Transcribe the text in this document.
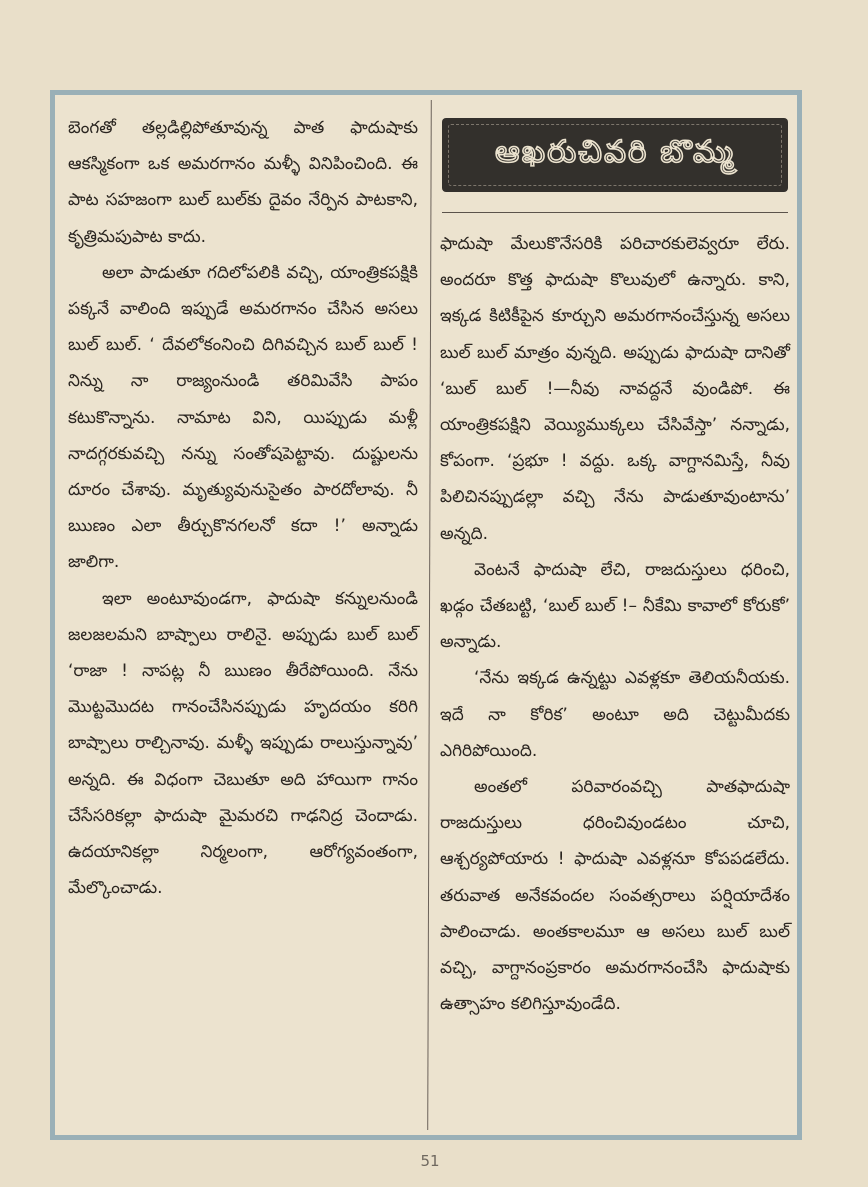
బెంగతో తల్లడిల్లిపోతూవున్న పాత ఫాదుషాకు ఆకస్మికంగా ఒక అమరగానం మళ్ళీ వినిపించింది. ఈ పాట సహజంగా బుల్ బుల్‌కు దైవం నేర్పిన పాటకాని, కృత్రిమపుపాట కాదు.

అలా పాడుతూ గదిలోపలికి వచ్చి, యాంత్రికపక్షికి పక్కనే వాలింది ఇప్పుడే అమరగానం చేసిన అసలు బుల్ బుల్. ‘ దేవలోకంనించి దిగివచ్చిన బుల్ బుల్ ! నిన్ను నా రాజ్యంనుండి తరిమివేసి పాపం కటుకొన్నాను. నామాట విని, యిప్పుడు మళ్లీ నాదగ్గరకువచ్చి నన్ను సంతోషపెట్టావు. దుష్టులను దూరం చేశావు. మృత్యువునుసైతం పారదోలావు. నీ ఋణం ఎలా తీర్చుకొనగలనో కదా !’ అన్నాడు జాలిగా.

ఇలా అంటూవుండగా, ఫాదుషా కన్నులనుండి జలజలమని బాష్పాలు రాలినై. అప్పుడు బుల్ బుల్ ‘రాజా ! నాపట్ల నీ ఋణం తీరేపోయింది. నేను మొట్టమొదట గానంచేసినప్పుడు హృదయం కరిగి బాష్పాలు రాల్చినావు. మళ్ళీ ఇప్పుడు రాలుస్తున్నావు’ అన్నది. ఈ విధంగా చెబుతూ అది హాయిగా గానం చేసేసరికల్లా ఫాదుషా మైమరచి గాఢనిద్ర చెందాడు. ఉదయానికల్లా నిర్మలంగా, ఆరోగ్యవంతంగా, మేల్కొంచాడు.

ఆఖరుచివరి బొమ్మ

ఫాదుషా మేలుకొనేసరికి పరిచారకులెవ్వరూ లేరు. అందరూ కొత్త ఫాదుషా కొలువులో ఉన్నారు. కాని, ఇక్కడ కిటికీపైన కూర్చుని అమరగానంచేస్తున్న అసలు బుల్ బుల్ మాత్రం వున్నది. అప్పుడు ఫాదుషా దానితో ‘బుల్ బుల్ !—నీవు నావద్దనే వుండిపో. ఈ యాంత్రికపక్షిని వెయ్యిముక్కలు చేసివేస్తా’ నన్నాడు, కోపంగా. ‘ప్రభూ ! వద్దు. ఒక్క వాగ్దానమిస్తే, నీవు పిలిచినప్పుడల్లా వచ్చి నేను పాడుతూవుంటాను’ అన్నది.

వెంటనే ఫాదుషా లేచి, రాజదుస్తులు ధరించి, ఖడ్గం చేతబట్టి, ‘బుల్ బుల్ !– నీకేమి కావాలో కోరుకో’ అన్నాడు.

‘నేను ఇక్కడ ఉన్నట్టు ఎవళ్లకూ తెలియనీయకు. ఇదే నా కోరిక’ అంటూ అది చెట్టుమీదకు ఎగిరిపోయింది.

అంతలో పరివారంవచ్చి పాతఫాదుషా రాజదుస్తులు ధరించివుండటం చూచి, ఆశ్చర్యపోయారు ! ఫాదుషా ఎవళ్లనూ కోపపడలేదు. తరువాత అనేకవందల సంవత్సరాలు పర్షియాదేశం పాలించాడు. అంతకాలమూ ఆ అసలు బుల్ బుల్ వచ్చి, వాగ్దానంప్రకారం అమరగానంచేసి ఫాదుషాకు ఉత్సాహం కలిగిస్తూవుండేది.

51
